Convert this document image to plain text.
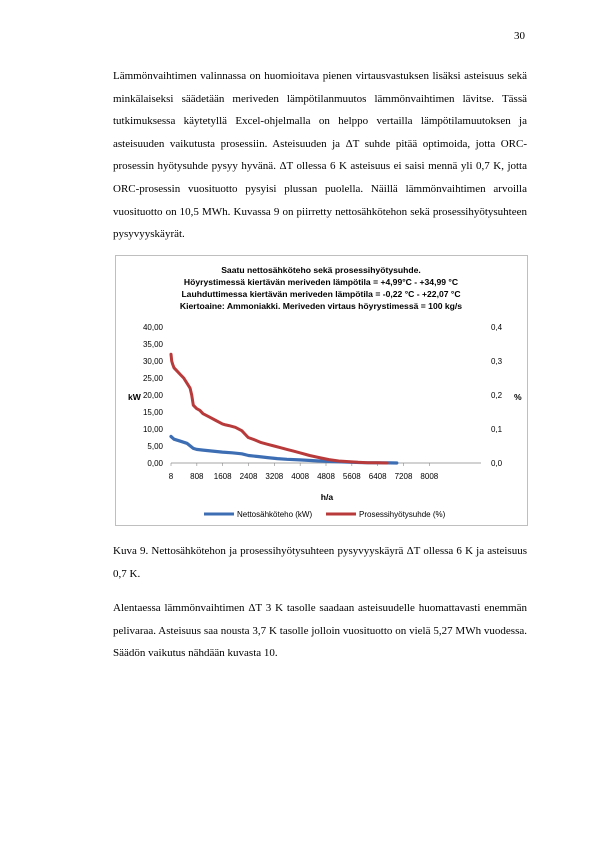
30

Lämmönvaihtimen valinnassa on huomioitava pienen virtausvastuksen lisäksi asteisuus sekä minkälaiseksi säädetään meriveden lämpötilanmuutos lämmönvaihtimen lävitse. Tässä tutkimuksessa käytetyllä Excel-ohjelmalla on helppo vertailla lämpötilamuutoksen ja asteisuuden vaikutusta prosessiin. Asteisuuden ja ΔT suhde pitää optimoida, jotta ORC-prosessin hyötysuhde pysyy hyvänä. ΔT ollessa 6 K asteisuus ei saisi mennä yli 0,7 K, jotta ORC-prosessin vuosituotto pysyisi plussan puolella. Näillä lämmönvaihtimen arvoilla vuosituotto on 10,5 MWh. Kuvassa 9 on piirretty nettosähkötehon sekä prosessihyötysuhteen pysyvyyskäyrät.

Saatu nettosähköteho sekä prosessihyötysuhde.
Höyrystimessä kiertävän meriveden lämpötila = +4,99°C - +34,99 °C
Lauhduttimessa kiertävän meriveden lämpötila = -0,22 °C - +22,07 °C
Kiertoaine: Ammoniakki. Meriveden virtaus höyrystimessä = 100 kg/s
0,00
5,00
10,00
15,00
20,00
25,00
30,00
35,00
40,00
0,0
0,1
0,2
0,3
0,4
8 808 1608 2408 3208 4008 4808 5608 6408 7208 8008
kW	%
h/a
Nettosähköteho (kW)	Prosessihyötysuhde (%)

Kuva 9. Nettosähkötehon ja prosessihyötysuhteen pysyvyyskäyrä ΔT ollessa 6 K ja asteisuus 0,7 K.

Alentaessa lämmönvaihtimen ΔT 3 K tasolle saadaan asteisuudelle huomattavasti enemmän pelivaraa. Asteisuus saa nousta 3,7 K tasolle jolloin vuosituotto on vielä 5,27 MWh vuodessa. Säädön vaikutus nähdään kuvasta 10.
